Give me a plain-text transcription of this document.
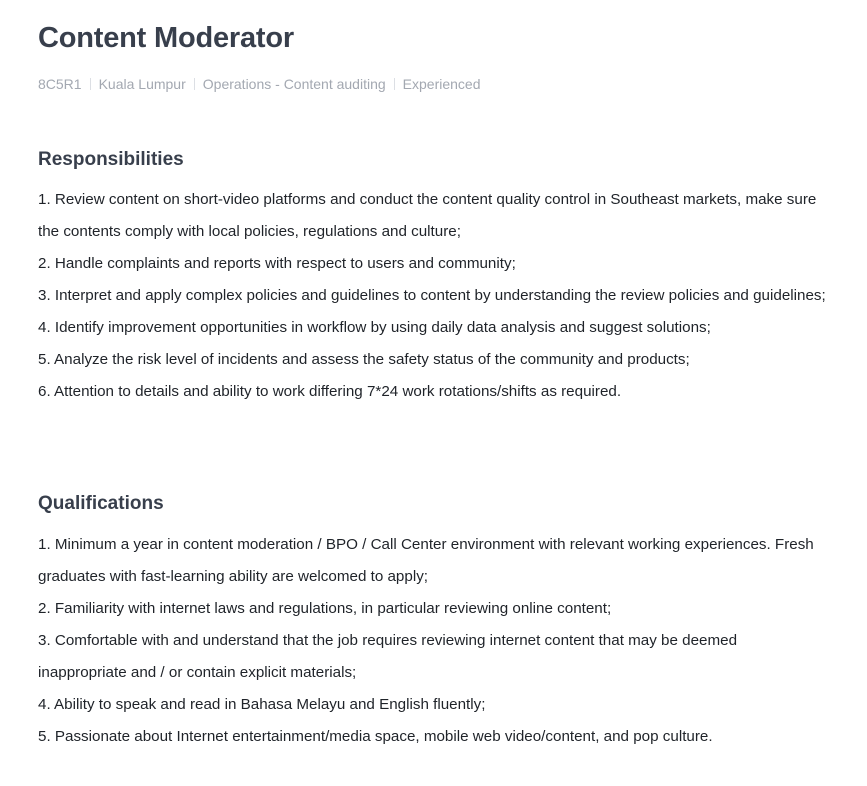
Content Moderator
8C5R1 Kuala Lumpur Operations - Content auditing Experienced
Responsibilities
1. Review content on short-video platforms and conduct the content quality control in Southeast markets, make sure the contents comply with local policies, regulations and culture;
2. Handle complaints and reports with respect to users and community;
3. Interpret and apply complex policies and guidelines to content by understanding the review policies and guidelines;
4. Identify improvement opportunities in workflow by using daily data analysis and suggest solutions;
5. Analyze the risk level of incidents and assess the safety status of the community and products;
6. Attention to details and ability to work differing 7*24 work rotations/shifts as required.
Qualifications
1. Minimum a year in content moderation / BPO / Call Center environment with relevant working experiences. Fresh graduates with fast-learning ability are welcomed to apply;
2. Familiarity with internet laws and regulations, in particular reviewing online content;
3. Comfortable with and understand that the job requires reviewing internet content that may be deemed inappropriate and / or contain explicit materials;
4. Ability to speak and read in Bahasa Melayu and English fluently;
5. Passionate about Internet entertainment/media space, mobile web video/content, and pop culture.
